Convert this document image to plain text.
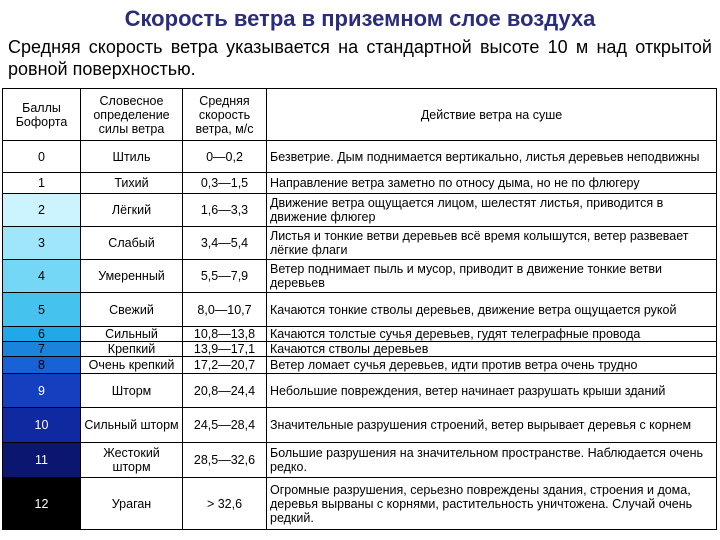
Скорость ветра в приземном слое воздуха
Средняя скорость ветра указывается на стандартной высоте 10 м над открытой ровной поверхностью.
Баллы Бофорта	Словесное определение силы ветра	Средняя скорость ветра, м/с	Действие ветра на суше
0	Штиль	0—0,2	Безветрие. Дым поднимается вертикально, листья деревьев неподвижны
1	Тихий	0,3—1,5	Направление ветра заметно по относу дыма, но не по флюгеру
2	Лёгкий	1,6—3,3	Движение ветра ощущается лицом, шелестят листья, приводится в движение флюгер
3	Слабый	3,4—5,4	Листья и тонкие ветви деревьев всё время колышутся, ветер развевает лёгкие флаги
4	Умеренный	5,5—7,9	Ветер поднимает пыль и мусор, приводит в движение тонкие ветви деревьев
5	Свежий	8,0—10,7	Качаются тонкие стволы деревьев, движение ветра ощущается рукой
6	Сильный	10,8—13,8	Качаются толстые сучья деревьев, гудят телеграфные провода
7	Крепкий	13,9—17,1	Качаются стволы деревьев
8	Очень крепкий	17,2—20,7	Ветер ломает сучья деревьев, идти против ветра очень трудно
9	Шторм	20,8—24,4	Небольшие повреждения, ветер начинает разрушать крыши зданий
10	Сильный шторм	24,5—28,4	Значительные разрушения строений, ветер вырывает деревья с корнем
11	Жестокий шторм	28,5—32,6	Большие разрушения на значительном пространстве. Наблюдается очень редко.
12	Ураган	> 32,6	Огромные разрушения, серьезно повреждены здания, строения и дома, деревья вырваны с корнями, растительность уничтожена. Случай очень редкий.
